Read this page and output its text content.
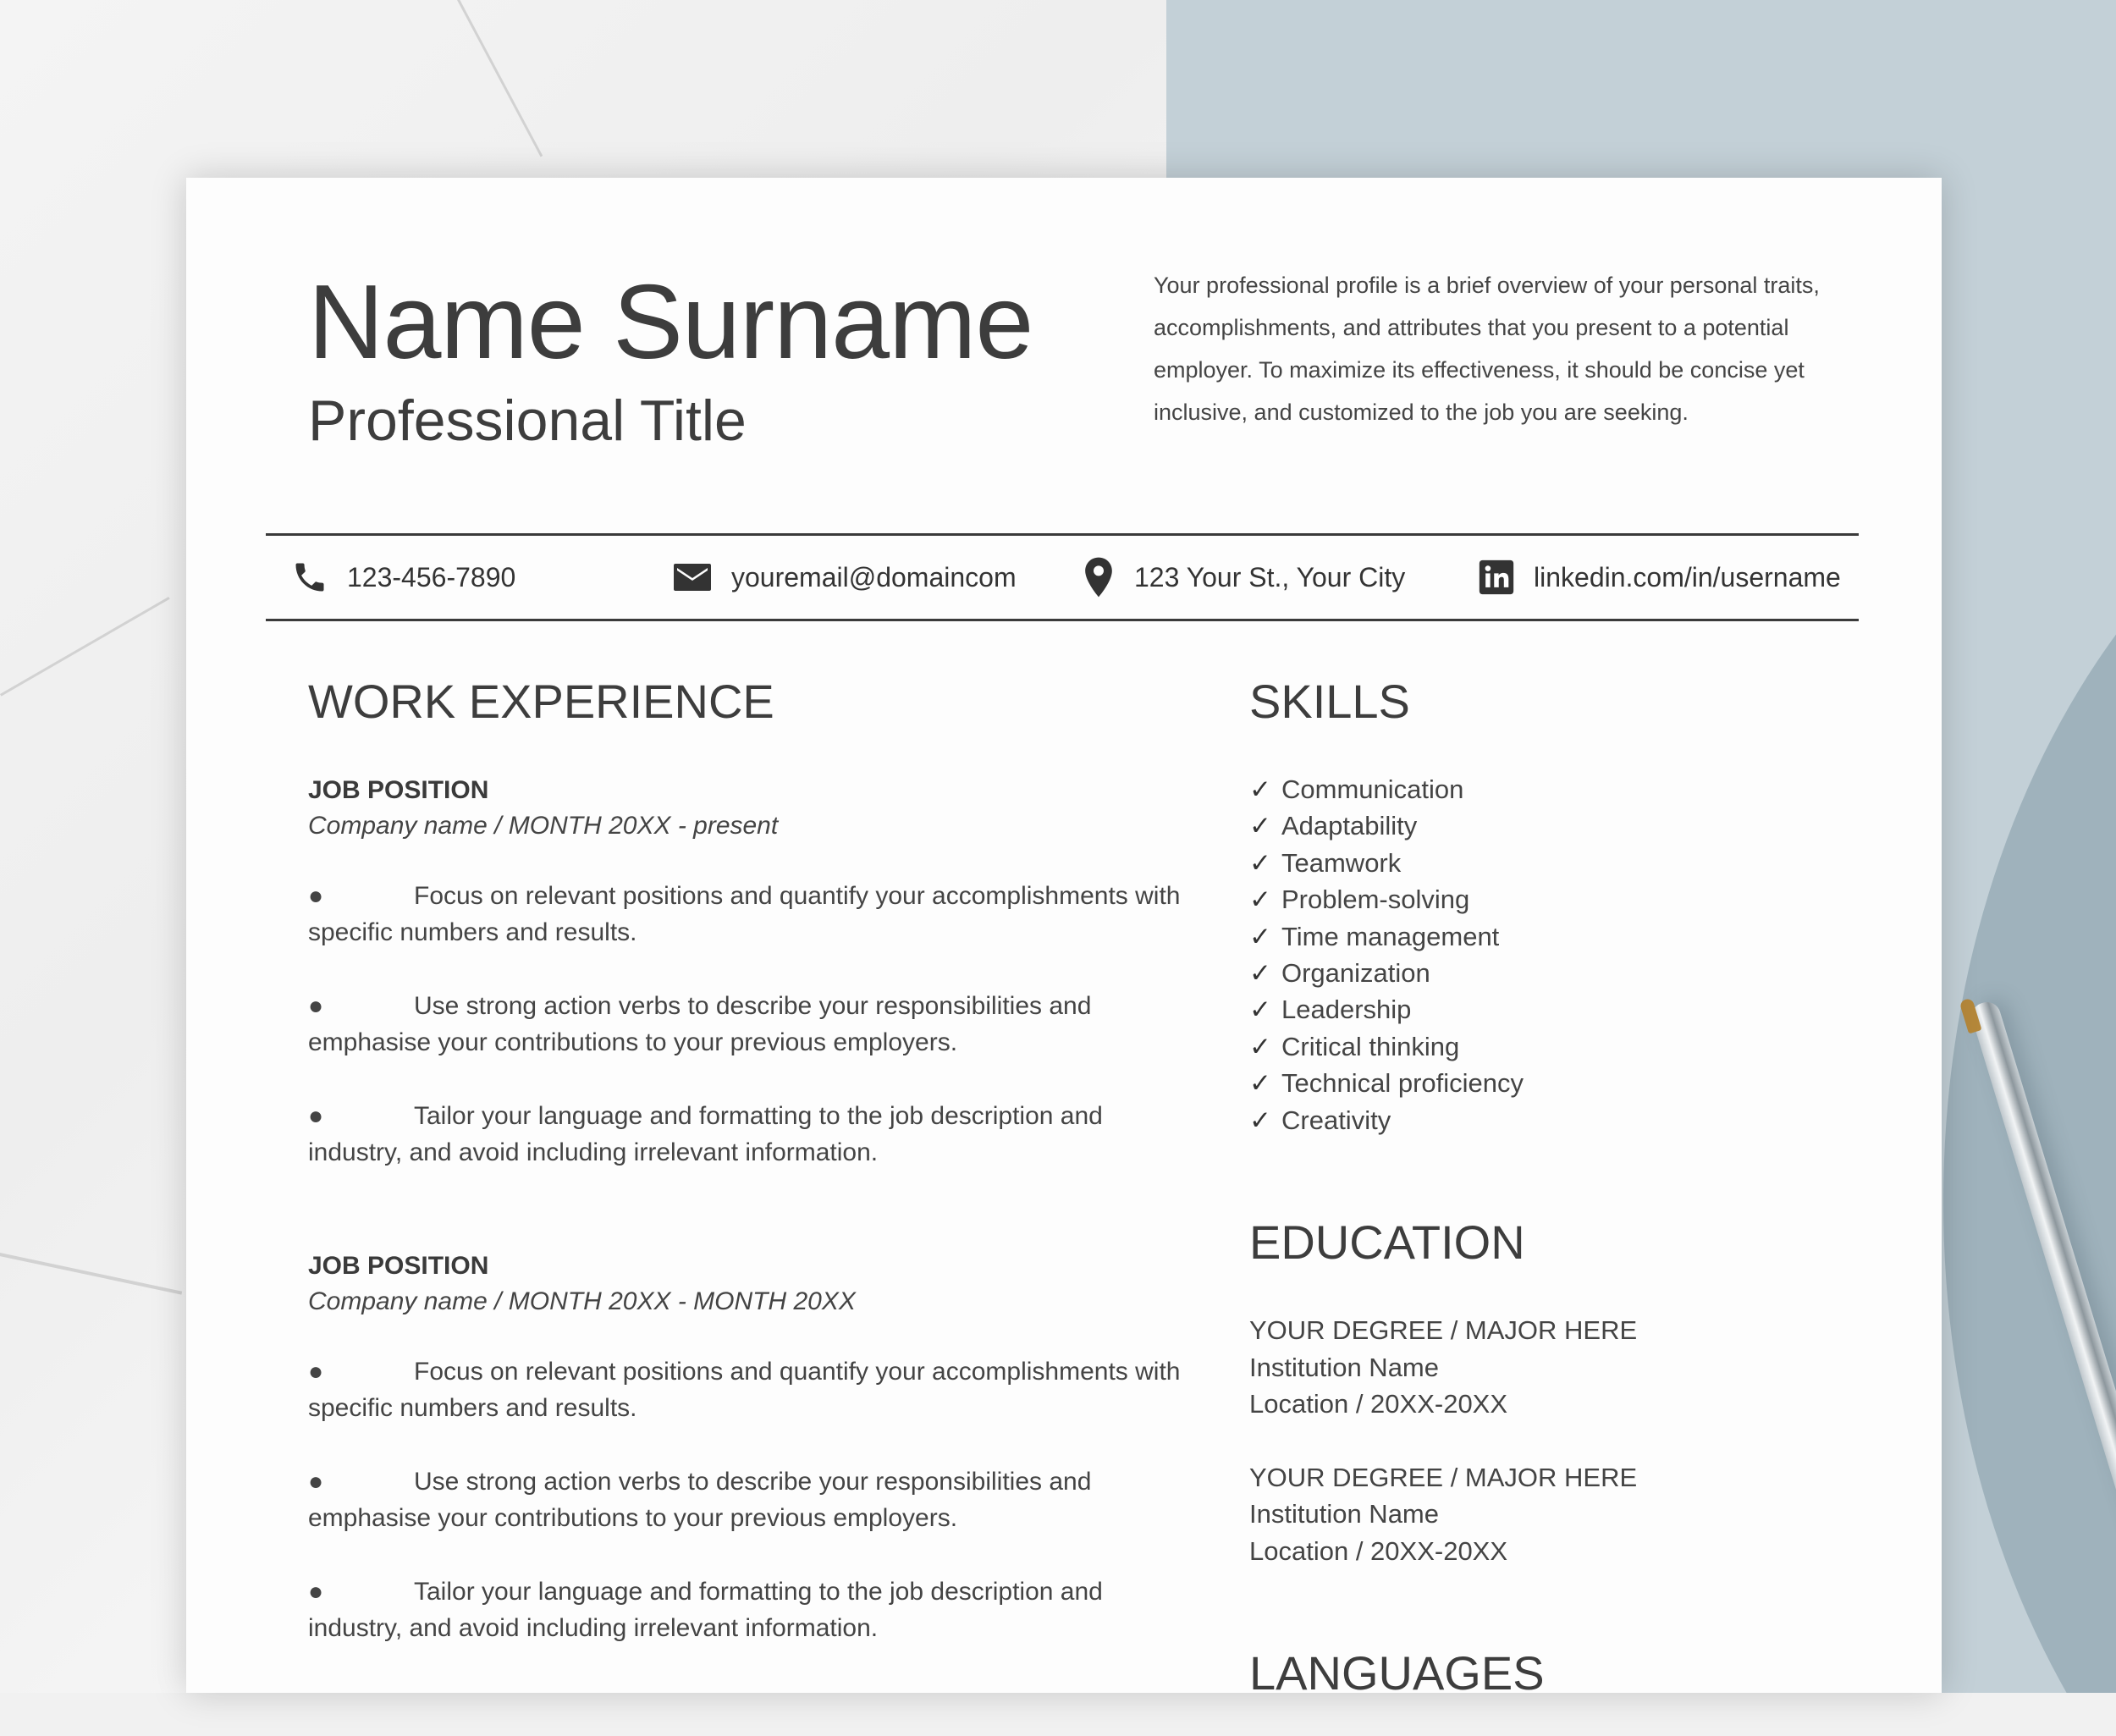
Name Surname
Professional Title

Your professional profile is a brief overview of your personal traits, accomplishments, and attributes that you present to a potential employer. To maximize its effectiveness, it should be concise yet inclusive, and customized to the job you are seeking.

123-456-7890	youremail@domaincom	123 Your St., Your City	linkedin.com/in/username
WORK EXPERIENCE
JOB POSITION
Company name / MONTH 20XX - present
●	Focus on relevant positions and quantify your accomplishments with specific numbers and results.
●	Use strong action verbs to describe your responsibilities and emphasise your contributions to your previous employers.
●	Tailor your language and formatting to the job description and industry, and avoid including irrelevant information.
JOB POSITION
Company name / MONTH 20XX - MONTH 20XX
●	Focus on relevant positions and quantify your accomplishments with specific numbers and results.
●	Use strong action verbs to describe your responsibilities and emphasise your contributions to your previous employers.
●	Tailor your language and formatting to the job description and industry, and avoid including irrelevant information.
SKILLS
✓ Communication
✓ Adaptability
✓ Teamwork
✓ Problem-solving
✓ Time management
✓ Organization
✓ Leadership
✓ Critical thinking
✓ Technical proficiency
✓ Creativity
EDUCATION
YOUR DEGREE / MAJOR HERE
Institution Name
Location / 20XX-20XX
YOUR DEGREE / MAJOR HERE
Institution Name
Location / 20XX-20XX
LANGUAGES
